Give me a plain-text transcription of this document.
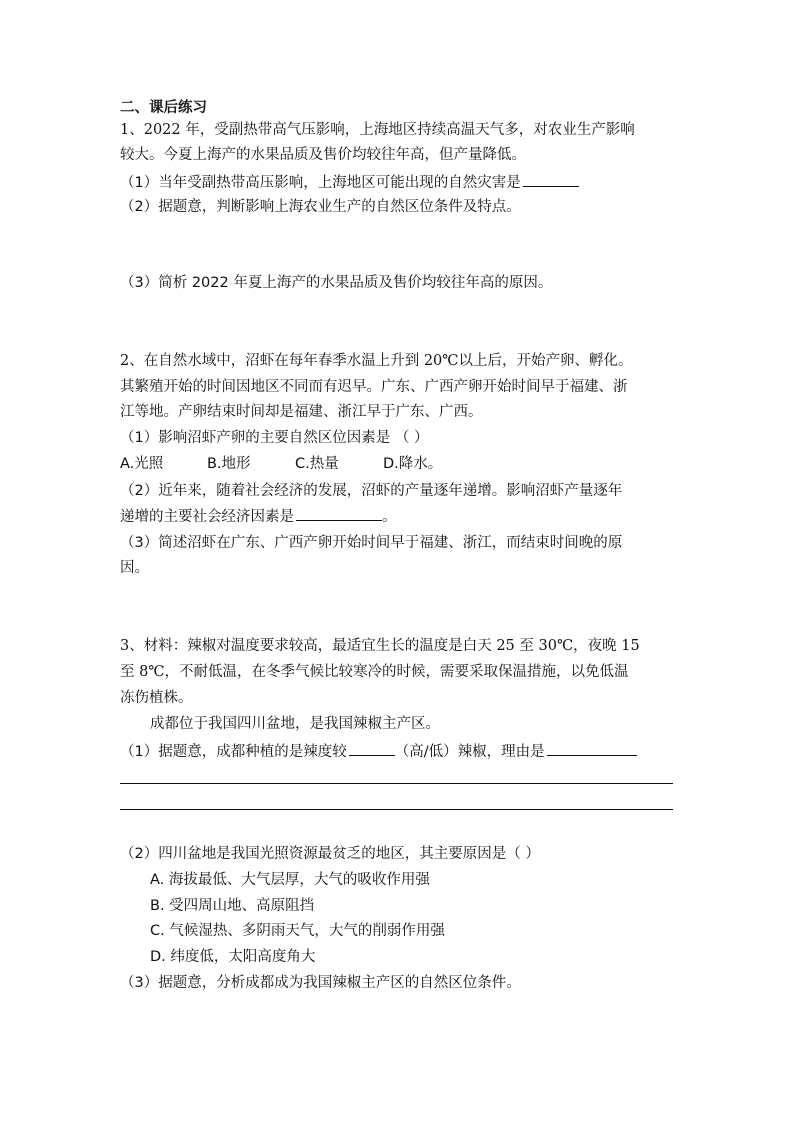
二、课后练习
1、2022 年，受副热带高气压影响，上海地区持续高温天气多，对农业生产影响
较大。今夏上海产的水果品质及售价均较往年高，但产量降低。
（1）当年受副热带高压影响，上海地区可能出现的自然灾害是
（2）据题意，判断影响上海农业生产的自然区位条件及特点。
（3）简析 2022 年夏上海产的水果品质及售价均较往年高的原因。
2、在自然水域中，沼虾在每年春季水温上升到 20℃以上后，开始产卵、孵化。
其繁殖开始的时间因地区不同而有迟早。广东、广西产卵开始时间早于福建、浙
江等地。产卵结束时间却是福建、浙江早于广东、广西。
（1）影响沼虾产卵的主要自然区位因素是 （ ）
A.光照	B.地形	C.热量	D.降水。
（2）近年来，随着社会经济的发展，沼虾的产量逐年递增。影响沼虾产量逐年
递增的主要社会经济因素是	。
（3）简述沼虾在广东、广西产卵开始时间早于福建、浙江，而结束时间晚的原
因。
3、材料：辣椒对温度要求较高，最适宜生长的温度是白天 25 至 30℃，夜晚 15
至 8℃，不耐低温，在冬季气候比较寒冷的时候，需要采取保温措施，以免低温
冻伤植株。
成都位于我国四川盆地，是我国辣椒主产区。
（1）据题意，成都种植的是辣度较	（高/低）辣椒，理由是
（2）四川盆地是我国光照资源最贫乏的地区，其主要原因是（ ）
A. 海拔最低、大气层厚，大气的吸收作用强
B. 受四周山地、高原阻挡
C. 气候湿热、多阴雨天气，大气的削弱作用强
D. 纬度低，太阳高度角大
（3）据题意，分析成都成为我国辣椒主产区的自然区位条件。
